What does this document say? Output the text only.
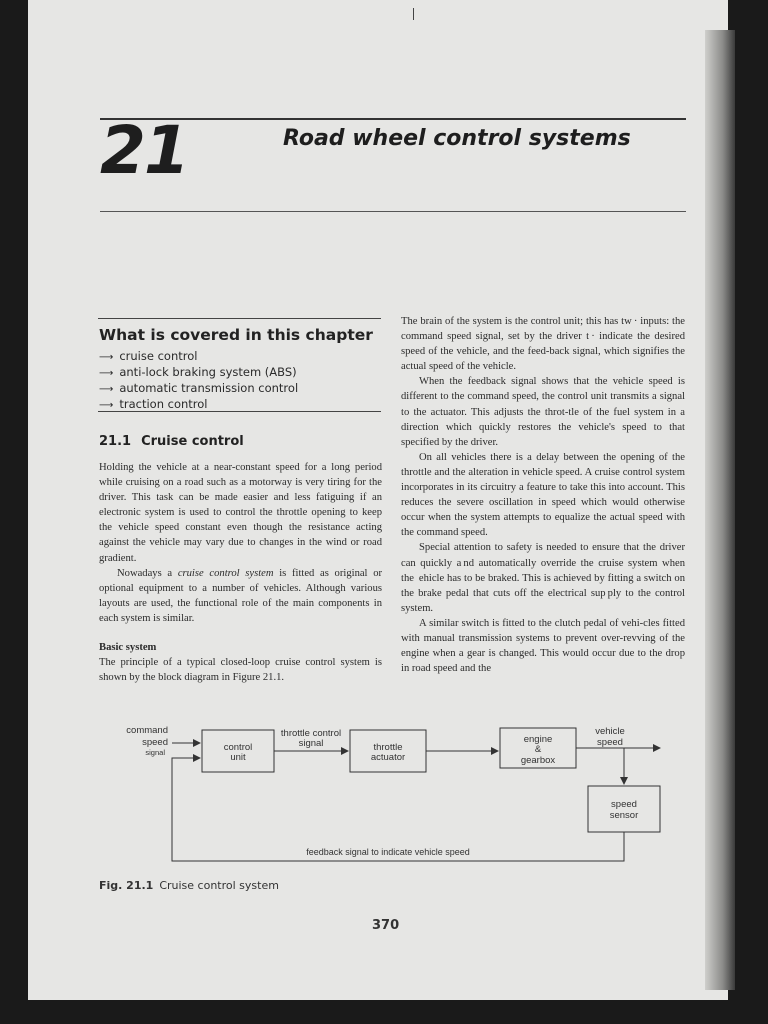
21	Road wheel control systems
What is covered in this chapter
⟶ cruise control
⟶ anti-lock braking system (ABS)
⟶ automatic transmission control
⟶ traction control
21.1 Cruise control

Holding the vehicle at a near-constant speed for a long period while cruising on a road such as a motorway is very tiring for the driver. This task can be made easier and less fatiguing if an electronic system is used to control the throttle opening to keep the vehicle speed constant even though the resistance acting against the vehicle may vary due to changes in the wind or road gradient.

Nowadays a cruise control system is fitted as original or optional equipment to a number of vehicles. Although various layouts are used, the functional role of the main components in each system is similar.

Basic system

The principle of a typical closed-loop cruise control system is shown by the block diagram in Figure 21.1.

The brain of the system is the control unit; this has tw · inputs: the command speed signal, set by the driver t · indicate the desired speed of the vehicle, and the feed-back signal, which signifies the actual speed of the vehicle.

When the feedback signal shows that the vehicle speed is different to the command speed, the control unit transmits a signal to the actuator. This adjusts the throt-tle of the fuel system in a direction which quickly restores the vehicle's speed to that specified by the driver.

On all vehicles there is a delay between the opening of the throttle and the alteration in vehicle speed. A cruise control system incorporates in its circuitry a feature to take this into account. This reduces the severe oscillation in speed which would otherwise occur when the system attempts to equalize the actual speed with the command speed.

Special attention to safety is needed to ensure that the driver can quickly a nd automatically override the cruise system when the  ehicle has to be braked. This is achieved by fitting a switch on the brake pedal that cuts off the electrical sup ply to the control system.

A similar switch is fitted to the clutch pedal of vehi-cles fitted with manual transmission systems to prevent over-revving of the engine when a gear is changed. This would occur due to the drop in road speed and the

command
speed
signal	control
unit
throttle control
signal	throttle
actuator
engine
&
gearbox
vehicle
speed
speed
sensor
feedback signal to indicate vehicle speed
Fig. 21.1 Cruise control system
370
